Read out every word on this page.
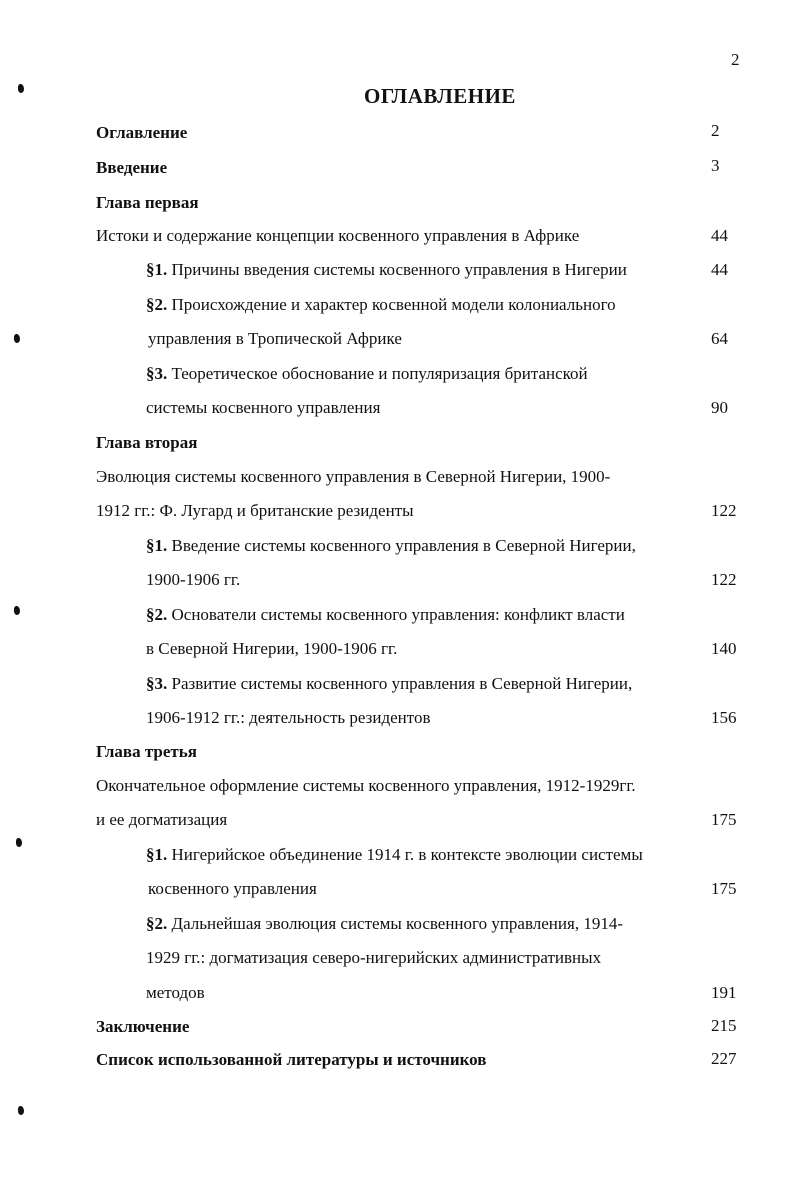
2
ОГЛАВЛЕНИЕ
Оглавление	2
Введение	3
Глава первая
Истоки и содержание концепции косвенного управления в Африке	44
§1. Причины введения системы косвенного управления в Нигерии	44
§2. Происхождение и характер косвенной модели колониального
управления в Тропической Африке	64
§3. Теоретическое обоснование и популяризация британской
системы косвенного управления	90
Глава вторая
Эволюция системы косвенного управления в Северной Нигерии, 1900-
1912 гг.: Ф. Лугард и британские резиденты	122
§1. Введение системы косвенного управления в Северной Нигерии,
1900-1906 гг.	122
§2. Основатели системы косвенного управления: конфликт власти
в Северной Нигерии, 1900-1906 гг.	140
§3. Развитие системы косвенного управления в Северной Нигерии,
1906-1912 гг.: деятельность резидентов	156
Глава третья
Окончательное оформление системы косвенного управления, 1912-1929гг.
и ее догматизация	175
§1. Нигерийское объединение 1914 г. в контексте эволюции системы
косвенного управления	175
§2. Дальнейшая эволюция системы косвенного управления, 1914-
1929 гг.: догматизация северо-нигерийских административных
методов	191
Заключение	215
Список использованной литературы и источников	227
